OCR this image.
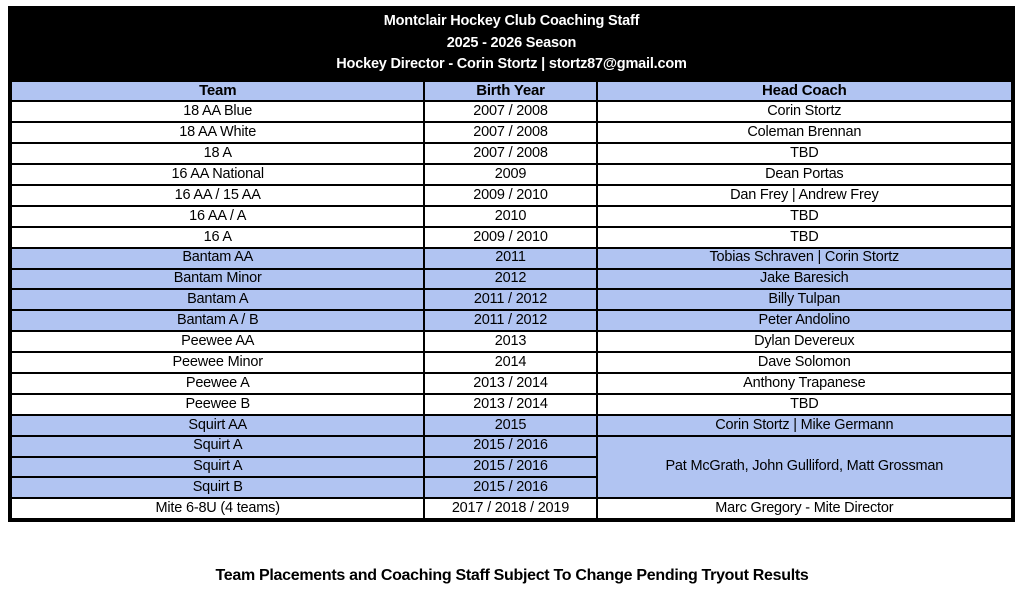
Montclair Hockey Club Coaching Staff
2025 - 2026 Season
Hockey Director - Corin Stortz | stortz87@gmail.com
Team	Birth Year	Head Coach
18 AA Blue	2007 / 2008	Corin Stortz
18 AA White	2007 / 2008	Coleman Brennan
18 A	2007 / 2008	TBD
16 AA National	2009	Dean Portas
16 AA / 15 AA	2009 / 2010	Dan Frey | Andrew Frey
16 AA / A	2010	TBD
16 A	2009 / 2010	TBD
Bantam AA	2011	Tobias Schraven | Corin Stortz
Bantam Minor	2012	Jake Baresich
Bantam A	2011 / 2012	Billy Tulpan
Bantam A / B	2011 / 2012	Peter Andolino
Peewee AA	2013	Dylan Devereux
Peewee Minor	2014	Dave Solomon
Peewee A	2013 / 2014	Anthony Trapanese
Peewee B	2013 / 2014	TBD
Squirt AA	2015	Corin Stortz | Mike Germann
Squirt A	2015 / 2016	Pat McGrath, John Gulliford, Matt Grossman
Squirt A	2015 / 2016	
Squirt B	2015 / 2016	
Mite 6-8U (4 teams)	2017 / 2018 / 2019	Marc Gregory - Mite Director
Team Placements and Coaching Staff Subject To Change Pending Tryout Results
